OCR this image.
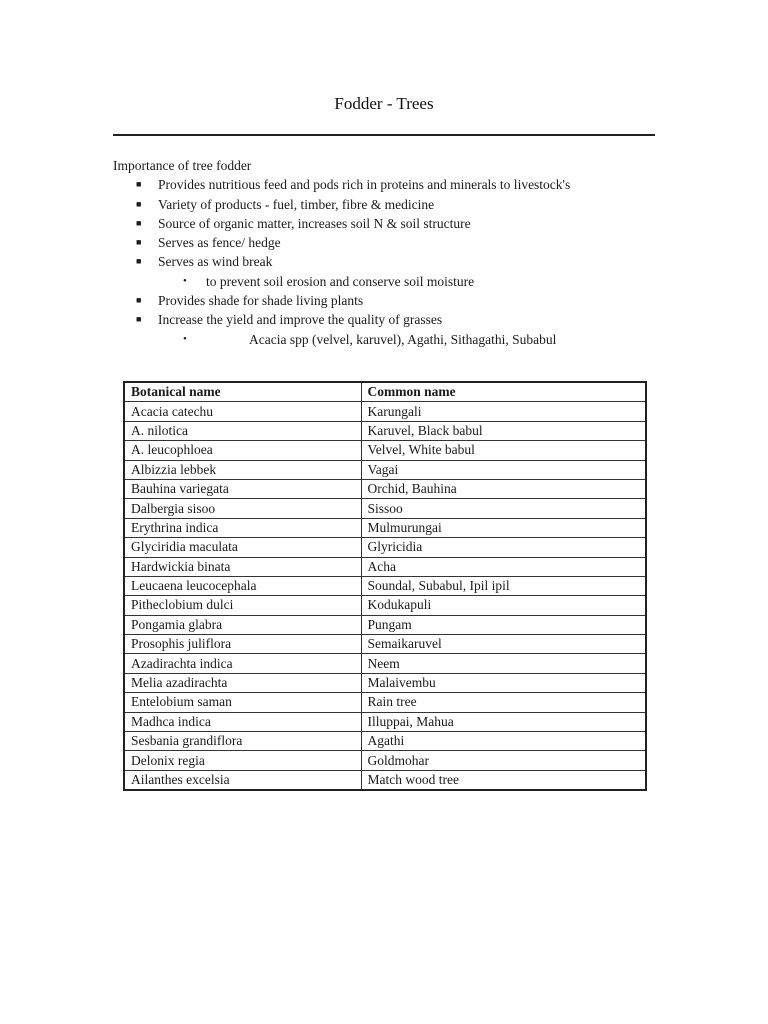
Fodder - Trees
Importance of tree fodder
■ Provides nutritious feed and pods rich in proteins and minerals to livestock's
■ Variety of products - fuel, timber, fibre & medicine
■ Source of organic matter, increases soil N & soil structure
■ Serves as fence/ hedge
■ Serves as wind break
• to prevent soil erosion and conserve soil moisture
■ Provides shade for shade living plants
■ Increase the yield and improve the quality of grasses
•	Acacia spp (velvel, karuvel), Agathi, Sithagathi, Subabul
Botanical name	Common name
Acacia catechu	Karungali
A. nilotica	Karuvel, Black babul
A. leucophloea	Velvel, White babul
Albizzia lebbek	Vagai
Bauhina variegata	Orchid, Bauhina
Dalbergia sisoo	Sissoo
Erythrina indica	Mulmurungai
Glyciridia maculata	Glyricidia
Hardwickia binata	Acha
Leucaena leucocephala	Soundal, Subabul, Ipil ipil
Pitheclobium dulci	Kodukapuli
Pongamia glabra	Pungam
Prosophis juliflora	Semaikaruvel
Azadirachta indica	Neem
Melia azadirachta	Malaivembu
Entelobium saman	Rain tree
Madhca indica	Illuppai, Mahua
Sesbania grandiflora	Agathi
Delonix regia	Goldmohar
Ailanthes excelsia	Match wood tree
